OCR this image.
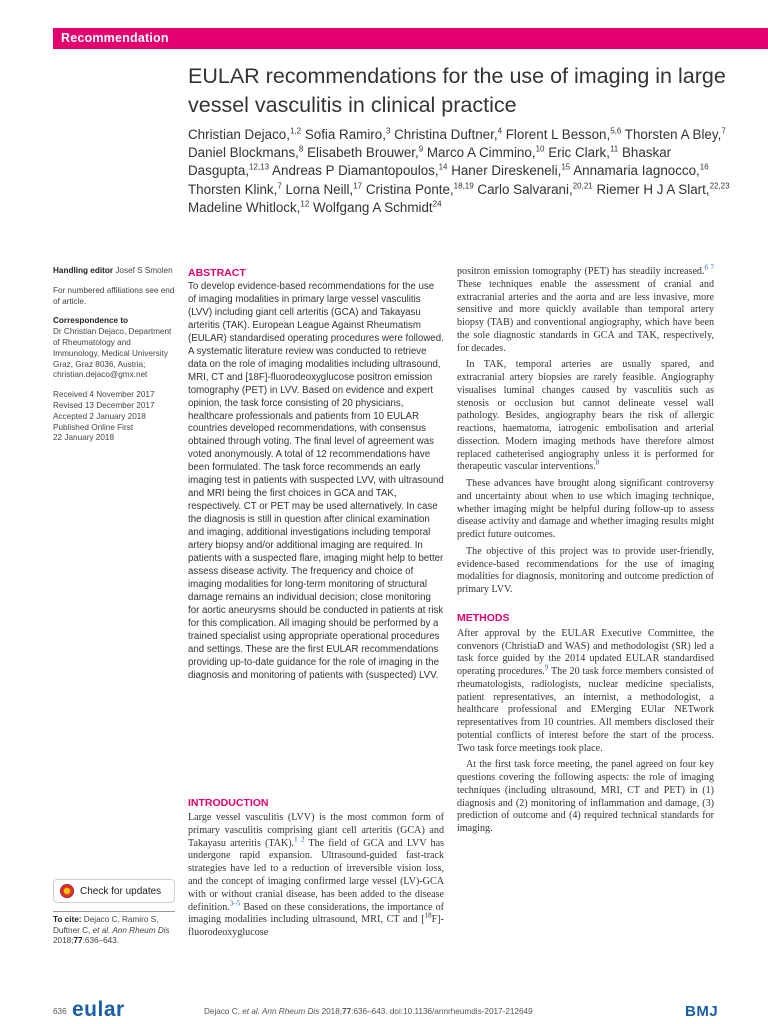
Recommendation
EULAR recommendations for the use of imaging in large vessel vasculitis in clinical practice
Christian Dejaco,$^{1,2}$ Sofia Ramiro,$^3$ Christina Duftner,$^4$ Florent L Besson,$^{5,6}$ Thorsten A Bley,$^7$ Daniel Blockmans,$^8$ Elisabeth Brouwer,$^9$ Marco A Cimmino,$^{10}$ Eric Clark,$^{11}$ Bhaskar Dasgupta,$^{12,13}$ Andreas P Diamantopoulos,$^{14}$ Haner Direskeneli,$^{15}$ Annamaria Iagnocco,$^{16}$ Thorsten Klink,$^7$ Lorna Neill,$^{17}$ Cristina Ponte,$^{18,19}$ Carlo Salvarani,$^{20,21}$ Riemer H J A Slart,$^{22,23}$ Madeline Whitlock,$^{12}$ Wolfgang A Schmidt$^{24}$
Handling editor Josef S Smolen
For numbered affiliations see end of article.
Correspondence to
Dr Christian Dejaco, Department of Rheumatology and Immunology, Medical University Graz, Graz 8036, Austria; christian.dejaco@gmx.net
Received 4 November 2017
Revised 13 December 2017
Accepted 2 January 2018
Published Online First
22 January 2018
Check for updates
To cite: Dejaco C, Ramiro S, Duftner C, et al. Ann Rheum Dis 2018;77:636–643.
ABSTRACT

To develop evidence-based recommendations for the use of imaging modalities in primary large vessel vasculitis (LVV) including giant cell arteritis (GCA) and Takayasu arteritis (TAK). European League Against Rheumatism (EULAR) standardised operating procedures were followed. A systematic literature review was conducted to retrieve data on the role of imaging modalities including ultrasound, MRI, CT and [18F]-fluorodeoxyglucose positron emission tomography (PET) in LVV. Based on evidence and expert opinion, the task force consisting of 20 physicians, healthcare professionals and patients from 10 EULAR countries developed recommendations, with consensus obtained through voting. The final level of agreement was voted anonymously. A total of 12 recommendations have been formulated. The task force recommends an early imaging test in patients with suspected LVV, with ultrasound and MRI being the first choices in GCA and TAK, respectively. CT or PET may be used alternatively. In case the diagnosis is still in question after clinical examination and imaging, additional investigations including temporal artery biopsy and/or additional imaging are required. In patients with a suspected flare, imaging might help to better assess disease activity. The frequency and choice of imaging modalities for long-term monitoring of structural damage remains an individual decision; close monitoring for aortic aneurysms should be conducted in patients at risk for this complication. All imaging should be performed by a trained specialist using appropriate operational procedures and settings. These are the first EULAR recommendations providing up-to-date guidance for the role of imaging in the diagnosis and monitoring of patients with (suspected) LVV.

INTRODUCTION

Large vessel vasculitis (LVV) is the most common form of primary vasculitis comprising giant cell arteritis (GCA) and Takayasu arteritis (TAK).$^{1 2}$ The field of GCA and LVV has undergone rapid expansion. Ultrasound-guided fast-track strategies have led to a reduction of irreversible vision loss, and the concept of imaging confirmed large vessel (LV)-GCA with or without cranial disease, has been added to the disease definition.$^{3-5}$ Based on these considerations, the importance of imaging modalities including ultrasound, MRI, CT and [$^{18}$F]-fluorodeoxyglucose

positron emission tomography (PET) has steadily increased.$^{6 7}$ These techniques enable the assessment of cranial and extracranial arteries and the aorta and are less invasive, more sensitive and more quickly available than temporal artery biopsy (TAB) and conventional angiography, which have been the sole diagnostic standards in GCA and TAK, respectively, for decades.

In TAK, temporal arteries are usually spared, and extracranial artery biopsies are rarely feasible. Angiography visualises luminal changes caused by vasculitis such as stenosis or occlusion but cannot delineate vessel wall pathology. Besides, angiography bears the risk of allergic reactions, haematoma, iatrogenic embolisation and arterial dissection. Modern imaging methods have therefore almost replaced catheterised angiography unless it is performed for therapeutic vascular interventions.$^8$

These advances have brought along significant controversy and uncertainty about when to use which imaging technique, whether imaging might be helpful during follow-up to assess disease activity and damage and whether imaging results might predict future outcomes.

The objective of this project was to provide user-friendly, evidence-based recommendations for the use of imaging modalities for diagnosis, monitoring and outcome prediction of primary LVV.

METHODS

After approval by the EULAR Executive Committee, the convenors (ChristiaD and WAS) and methodologist (SR) led a task force guided by the 2014 updated EULAR standardised operating procedures.$^9$ The 20 task force members consisted of rheumatologists, radiologists, nuclear medicine specialists, patient representatives, an internist, a methodologist, a healthcare professional and EMerging EUlar NETwork representatives from 10 countries. All members disclosed their potential conflicts of interest before the start of the process. Two task force meetings took place.

At the first task force meeting, the panel agreed on four key questions covering the following aspects: the role of imaging techniques (including ultrasound, MRI, CT and PET) in (1) diagnosis and (2) monitoring of inflammation and damage, (3) prediction of outcome and (4) required technical standards for imaging.

636 eular	Dejaco C, et al. Ann Rheum Dis 2018;77:636–643. doi:10.1136/annrheumdis-2017-212649	BMJ
